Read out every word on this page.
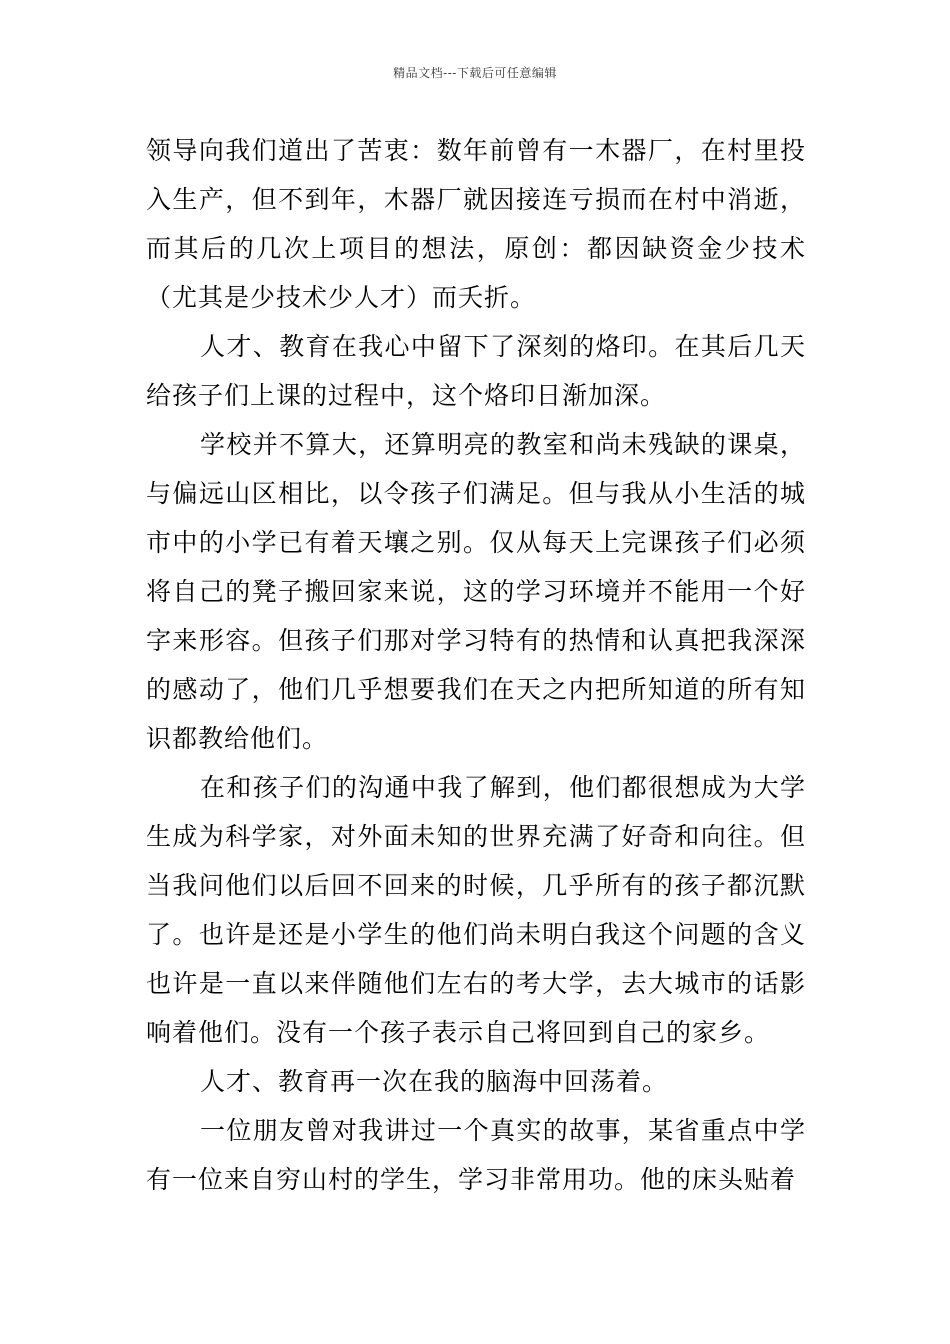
精品文档---下载后可任意编辑

领导向我们道出了苦衷：数年前曾有一木器厂，在村里投入生产，但不到年，木器厂就因接连亏损而在村中消逝，而其后的几次上项目的想法，原创：都因缺资金少技术（尤其是少技术少人才）而夭折。

人才、教育在我心中留下了深刻的烙印。在其后几天给孩子们上课的过程中，这个烙印日渐加深。

学校并不算大，还算明亮的教室和尚未残缺的课桌，与偏远山区相比，以令孩子们满足。但与我从小生活的城市中的小学已有着天壤之别。仅从每天上完课孩子们必须将自己的凳子搬回家来说，这的学习环境并不能用一个好字来形容。但孩子们那对学习特有的热情和认真把我深深的感动了，他们几乎想要我们在天之内把所知道的所有知识都教给他们。

在和孩子们的沟通中我了解到，他们都很想成为大学生成为科学家，对外面未知的世界充满了好奇和向往。但当我问他们以后回不回来的时候，几乎所有的孩子都沉默了。也许是还是小学生的他们尚未明白我这个问题的含义也许是一直以来伴随他们左右的考大学，去大城市的话影响着他们。没有一个孩子表示自己将回到自己的家乡。

人才、教育再一次在我的脑海中回荡着。

一位朋友曾对我讲过一个真实的故事，某省重点中学有一位来自穷山村的学生，学习非常用功。他的床头贴着
